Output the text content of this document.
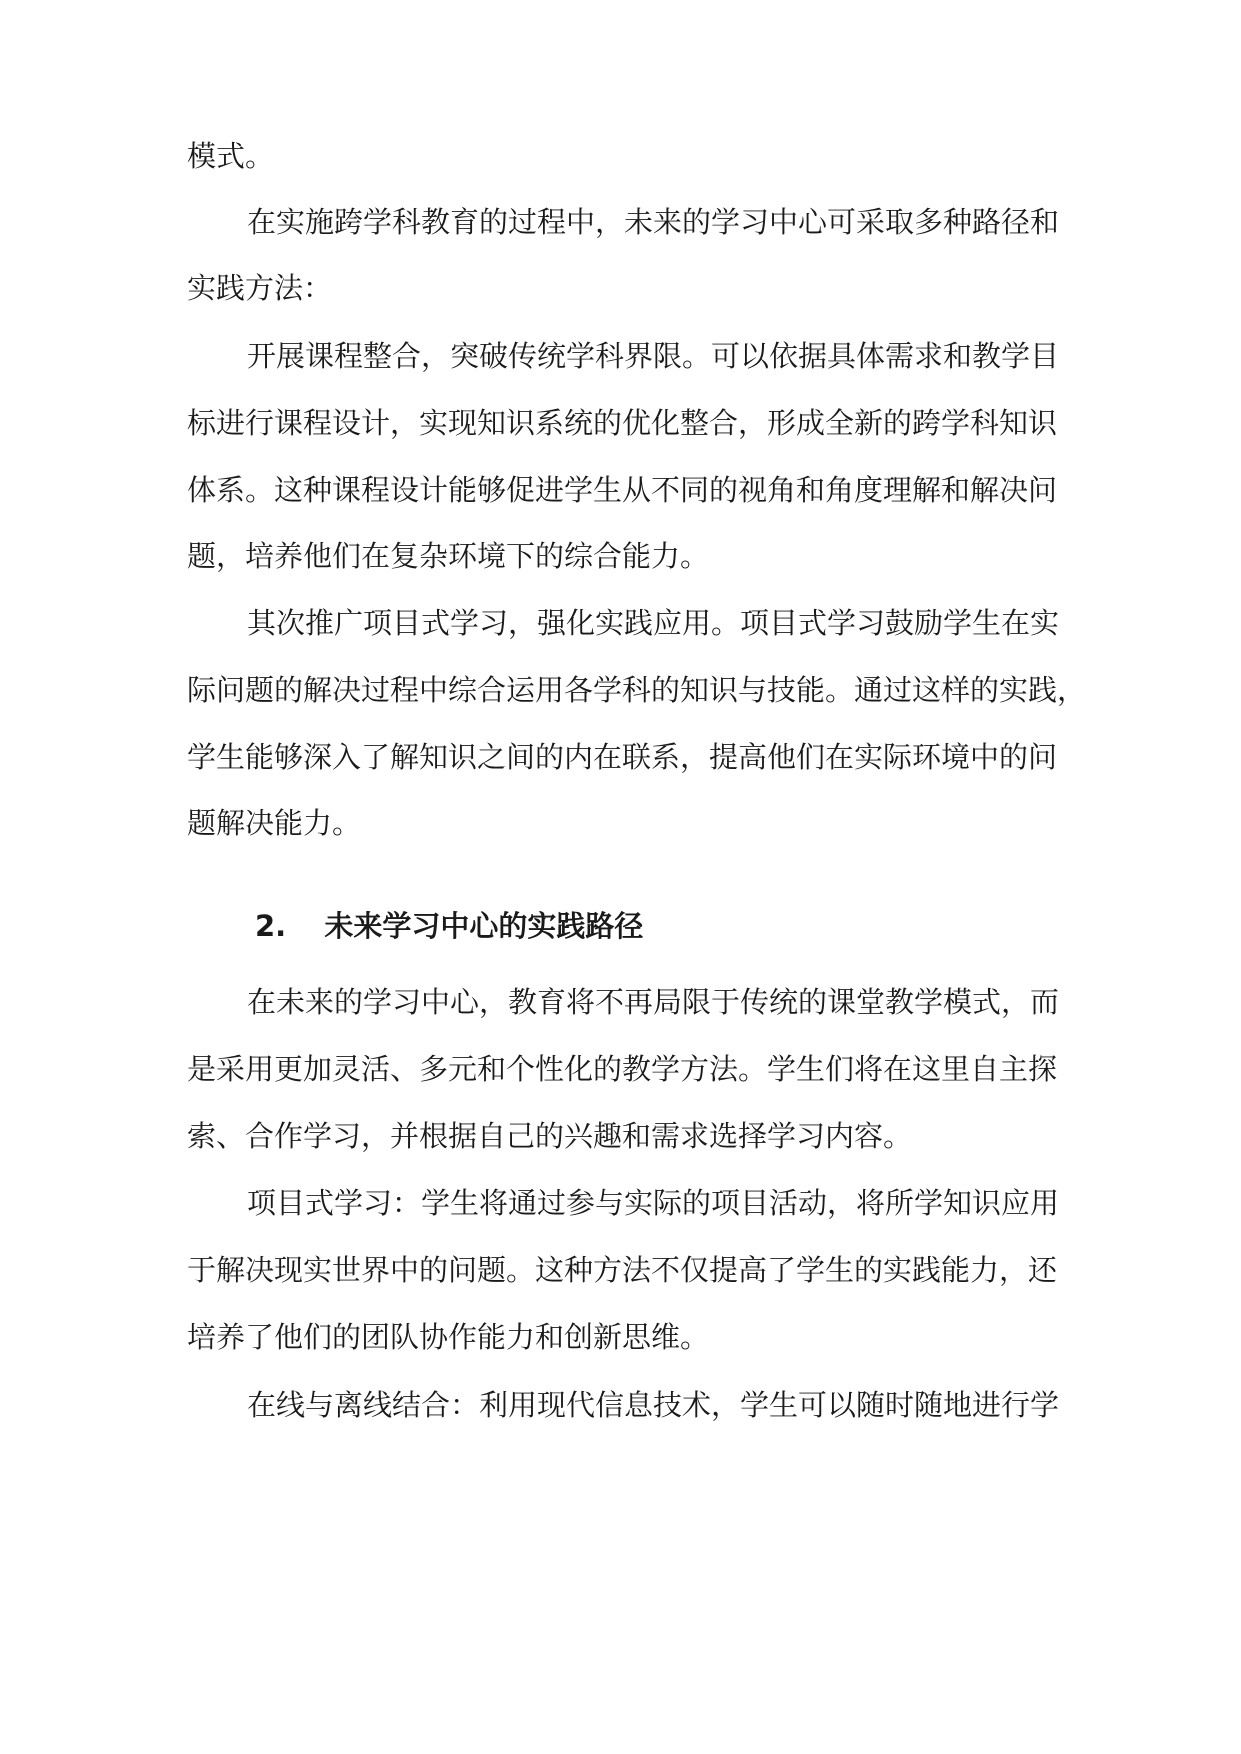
模式。
在实施跨学科教育的过程中，未来的学习中心可采取多种路径和
实践方法：
开展课程整合，突破传统学科界限。可以依据具体需求和教学目
标进行课程设计，实现知识系统的优化整合，形成全新的跨学科知识
体系。这种课程设计能够促进学生从不同的视角和角度理解和解决问
题，培养他们在复杂环境下的综合能力。
其次推广项目式学习，强化实践应用。项目式学习鼓励学生在实
际问题的解决过程中综合运用各学科的知识与技能。通过这样的实践，
学生能够深入了解知识之间的内在联系，提高他们在实际环境中的问
题解决能力。
2. 未来学习中心的实践路径
在未来的学习中心，教育将不再局限于传统的课堂教学模式，而
是采用更加灵活、多元和个性化的教学方法。学生们将在这里自主探
索、合作学习，并根据自己的兴趣和需求选择学习内容。
项目式学习：学生将通过参与实际的项目活动，将所学知识应用
于解决现实世界中的问题。这种方法不仅提高了学生的实践能力，还
培养了他们的团队协作能力和创新思维。
在线与离线结合：利用现代信息技术，学生可以随时随地进行学
